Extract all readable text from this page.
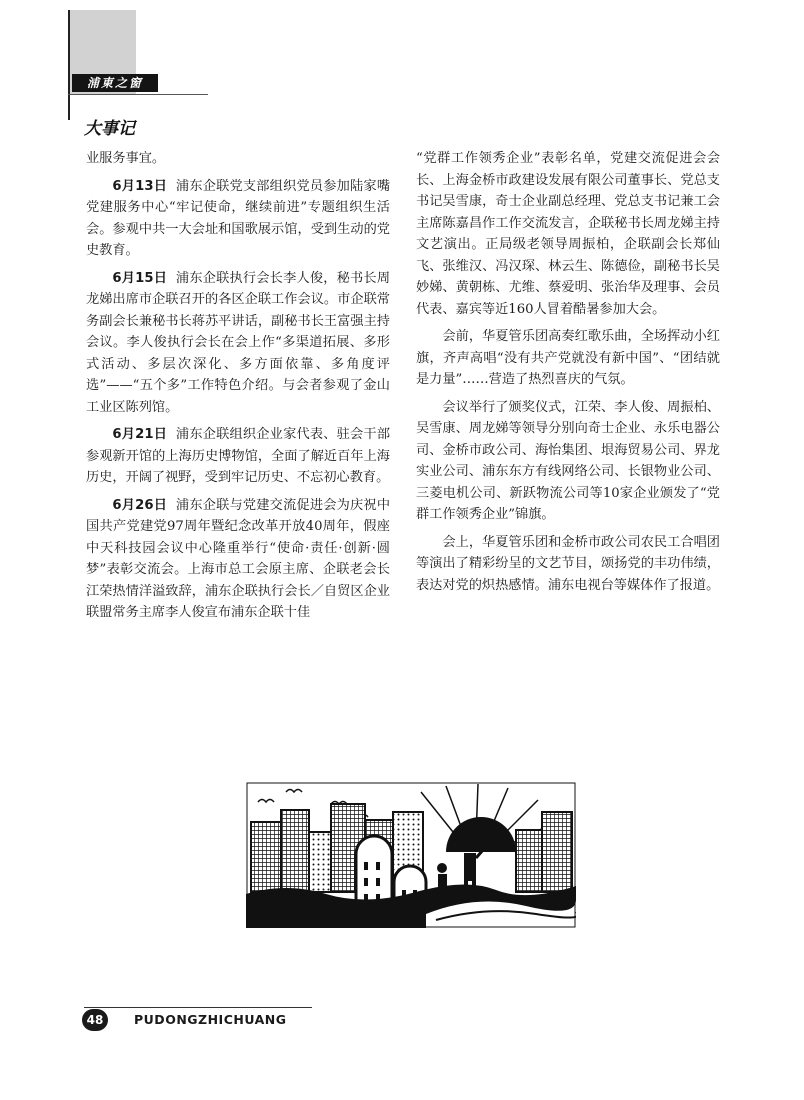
浦東之窗
大事记

业服务事宜。

6月13日 浦东企联党支部组织党员参加陆家嘴党建服务中心“牢记使命，继续前进”专题组织生活会。参观中共一大会址和国歌展示馆，受到生动的党史教育。

6月15日 浦东企联执行会长李人俊，秘书长周龙娣出席市企联召开的各区企联工作会议。市企联常务副会长兼秘书长蒋苏平讲话，副秘书长王富强主持会议。李人俊执行会长在会上作“多渠道拓展、多形式活动、多层次深化、多方面依靠、多角度评选”——“五个多”工作特色介绍。与会者参观了金山工业区陈列馆。

6月21日 浦东企联组织企业家代表、驻会干部参观新开馆的上海历史博物馆，全面了解近百年上海历史，开阔了视野，受到牢记历史、不忘初心教育。

6月26日 浦东企联与党建交流促进会为庆祝中国共产党建党97周年暨纪念改革开放40周年，假座中天科技园会议中心隆重举行“使命·责任·创新·圆梦”表彰交流会。上海市总工会原主席、企联老会长江荣热情洋溢致辞，浦东企联执行会长／自贸区企业联盟常务主席李人俊宣布浦东企联十佳

“党群工作领秀企业”表彰名单，党建交流促进会会长、上海金桥市政建设发展有限公司董事长、党总支书记吴雪康，奇士企业副总经理、党总支书记兼工会主席陈嘉昌作工作交流发言，企联秘书长周龙娣主持文艺演出。正局级老领导周振柏，企联副会长郑仙飞、张维汉、冯汉琛、林云生、陈德俭，副秘书长吴妙娣、黄朝栋、尤维、蔡爱明、张治华及理事、会员代表、嘉宾等近160人冒着酷暑参加大会。

会前，华夏管乐团高奏红歌乐曲，全场挥动小红旗，齐声高唱“没有共产党就没有新中国”、“团结就是力量”……营造了热烈喜庆的气氛。

会议举行了颁奖仪式，江荣、李人俊、周振柏、吴雪康、周龙娣等领导分别向奇士企业、永乐电器公司、金桥市政公司、海怡集团、垠海贸易公司、界龙实业公司、浦东东方有线网络公司、长银物业公司、三菱电机公司、新跃物流公司等10家企业颁发了“党群工作领秀企业”锦旗。

会上，华夏管乐团和金桥市政公司农民工合唱团等演出了精彩纷呈的文艺节目，颂扬党的丰功伟绩，表达对党的炽热感情。浦东电视台等媒体作了报道。

48	PUDONGZHICHUANG
